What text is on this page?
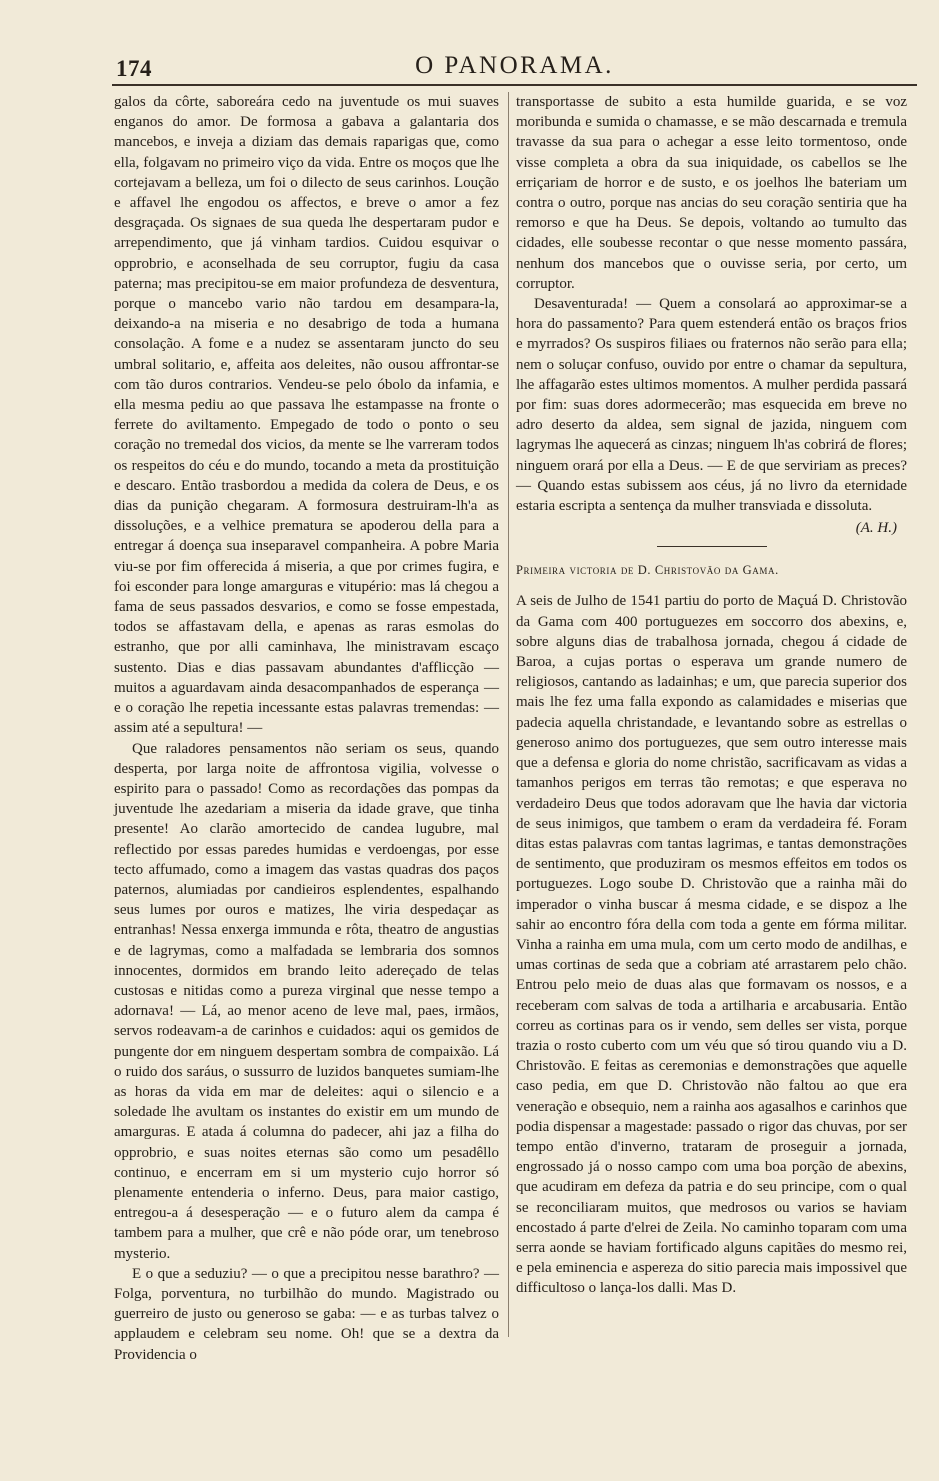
174	O PANORAMA.

galos da côrte, saboreára cedo na juventude os mui suaves enganos do amor. De formosa a gabava a galantaria dos mancebos, e inveja a diziam das demais raparigas que, como ella, folgavam no primeiro viço da vida. Entre os moços que lhe cortejavam a belleza, um foi o dilecto de seus carinhos. Loução e affavel lhe engodou os affectos, e breve o amor a fez desgraçada. Os signaes de sua queda lhe despertaram pudor e arrependimento, que já vinham tardios. Cuidou esquivar o opprobrio, e aconselhada de seu corruptor, fugiu da casa paterna; mas precipitou-se em maior profundeza de desventura, porque o mancebo vario não tardou em desampara-la, deixando-a na miseria e no desabrigo de toda a humana consolação. A fome e a nudez se assentaram juncto do seu umbral solitario, e, affeita aos deleites, não ousou affrontar-se com tão duros contrarios. Vendeu-se pelo óbolo da infamia, e ella mesma pediu ao que passava lhe estampasse na fronte o ferrete do aviltamento. Empegado de todo o ponto o seu coração no tremedal dos vicios, da mente se lhe varreram todos os respeitos do céu e do mundo, tocando a meta da prostituição e descaro. Então trasbordou a medida da colera de Deus, e os dias da punição chegaram. A formosura destruiram-lh'a as dissoluções, e a velhice prematura se apoderou della para a entregar á doença sua inseparavel companheira. A pobre Maria viu-se por fim offerecida á miseria, a que por crimes fugira, e foi esconder para longe amarguras e vitupério: mas lá chegou a fama de seus passados desvarios, e como se fosse empestada, todos se affastavam della, e apenas as raras esmolas do estranho, que por alli caminhava, lhe ministravam escaço sustento. Dias e dias passavam abundantes d'afflicção — muitos a aguardavam ainda desacompanhados de esperança — e o coração lhe repetia incessante estas palavras tremendas: — assim até a sepultura! —

Que raladores pensamentos não seriam os seus, quando desperta, por larga noite de affrontosa vigilia, volvesse o espirito para o passado! Como as recordações das pompas da juventude lhe azedariam a miseria da idade grave, que tinha presente! Ao clarão amortecido de candea lugubre, mal reflectido por essas paredes humidas e verdoengas, por esse tecto affumado, como a imagem das vastas quadras dos paços paternos, alumiadas por candieiros esplendentes, espalhando seus lumes por ouros e matizes, lhe viria despedaçar as entranhas! Nessa enxerga immunda e rôta, theatro de angustias e de lagrymas, como a malfadada se lembraria dos somnos innocentes, dormidos em brando leito adereçado de telas custosas e nitidas como a pureza virginal que nesse tempo a adornava! — Lá, ao menor aceno de leve mal, paes, irmãos, servos rodeavam-a de carinhos e cuidados: aqui os gemidos de pungente dor em ninguem despertam sombra de compaixão. Lá o ruido dos saráus, o sussurro de luzidos banquetes sumiam-lhe as horas da vida em mar de deleites: aqui o silencio e a soledade lhe avultam os instantes do existir em um mundo de amarguras. E atada á columna do padecer, ahi jaz a filha do opprobrio, e suas noites eternas são como um pesadêllo continuo, e encerram em si um mysterio cujo horror só plenamente entenderia o inferno. Deus, para maior castigo, entregou-a á desesperação — e o futuro alem da campa é tambem para a mulher, que crê e não póde orar, um tenebroso mysterio.

E o que a seduziu? — o que a precipitou nesse barathro? — Folga, porventura, no turbilhão do mundo. Magistrado ou guerreiro de justo ou generoso se gaba: — e as turbas talvez o applaudem e celebram seu nome. Oh! que se a dextra da Providencia o

transportasse de subito a esta humilde guarida, e se voz moribunda e sumida o chamasse, e se mão descarnada e tremula travasse da sua para o achegar a esse leito tormentoso, onde visse completa a obra da sua iniquidade, os cabellos se lhe erriçariam de horror e de susto, e os joelhos lhe bateriam um contra o outro, porque nas ancias do seu coração sentiria que ha remorso e que ha Deus. Se depois, voltando ao tumulto das cidades, elle soubesse recontar o que nesse momento passára, nenhum dos mancebos que o ouvisse seria, por certo, um corruptor.

Desaventurada! — Quem a consolará ao approximar-se a hora do passamento? Para quem estenderá então os braços frios e myrrados? Os suspiros filiaes ou fraternos não serão para ella; nem o soluçar confuso, ouvido por entre o chamar da sepultura, lhe affagarão estes ultimos momentos. A mulher perdida passará por fim: suas dores adormecerão; mas esquecida em breve no adro deserto da aldea, sem signal de jazida, ninguem com lagrymas lhe aquecerá as cinzas; ninguem lh'as cobrirá de flores; ninguem orará por ella a Deus. — E de que serviriam as preces? — Quando estas subissem aos céus, já no livro da eternidade estaria escripta a sentença da mulher transviada e dissoluta.

(A. H.)
Primeira victoria de D. Christovão da Gama.

A seis de Julho de 1541 partiu do porto de Maçuá D. Christovão da Gama com 400 portuguezes em soccorro dos abexins, e, sobre alguns dias de trabalhosa jornada, chegou á cidade de Baroa, a cujas portas o esperava um grande numero de religiosos, cantando as ladainhas; e um, que parecia superior dos mais lhe fez uma falla expondo as calamidades e miserias que padecia aquella christandade, e levantando sobre as estrellas o generoso animo dos portuguezes, que sem outro interesse mais que a defensa e gloria do nome christão, sacrificavam as vidas a tamanhos perigos em terras tão remotas; e que esperava no verdadeiro Deus que todos adoravam que lhe havia dar victoria de seus inimigos, que tambem o eram da verdadeira fé. Foram ditas estas palavras com tantas lagrimas, e tantas demonstrações de sentimento, que produziram os mesmos effeitos em todos os portuguezes. Logo soube D. Christovão que a rainha mãi do imperador o vinha buscar á mesma cidade, e se dispoz a lhe sahir ao encontro fóra della com toda a gente em fórma militar. Vinha a rainha em uma mula, com um certo modo de andilhas, e umas cortinas de seda que a cobriam até arrastarem pelo chão. Entrou pelo meio de duas alas que formavam os nossos, e a receberam com salvas de toda a artilharia e arcabusaria. Então correu as cortinas para os ir vendo, sem delles ser vista, porque trazia o rosto cuberto com um véu que só tirou quando viu a D. Christovão. E feitas as ceremonias e demonstrações que aquelle caso pedia, em que D. Christovão não faltou ao que era veneração e obsequio, nem a rainha aos agasalhos e carinhos que podia dispensar a magestade: passado o rigor das chuvas, por ser tempo então d'inverno, trataram de proseguir a jornada, engrossado já o nosso campo com uma boa porção de abexins, que acudiram em defeza da patria e do seu principe, com o qual se reconciliaram muitos, que medrosos ou varios se haviam encostado á parte d'elrei de Zeila. No caminho toparam com uma serra aonde se haviam fortificado alguns capitães do mesmo rei, e pela eminencia e aspereza do sitio parecia mais impossivel que difficultoso o lança-los dalli. Mas D.
